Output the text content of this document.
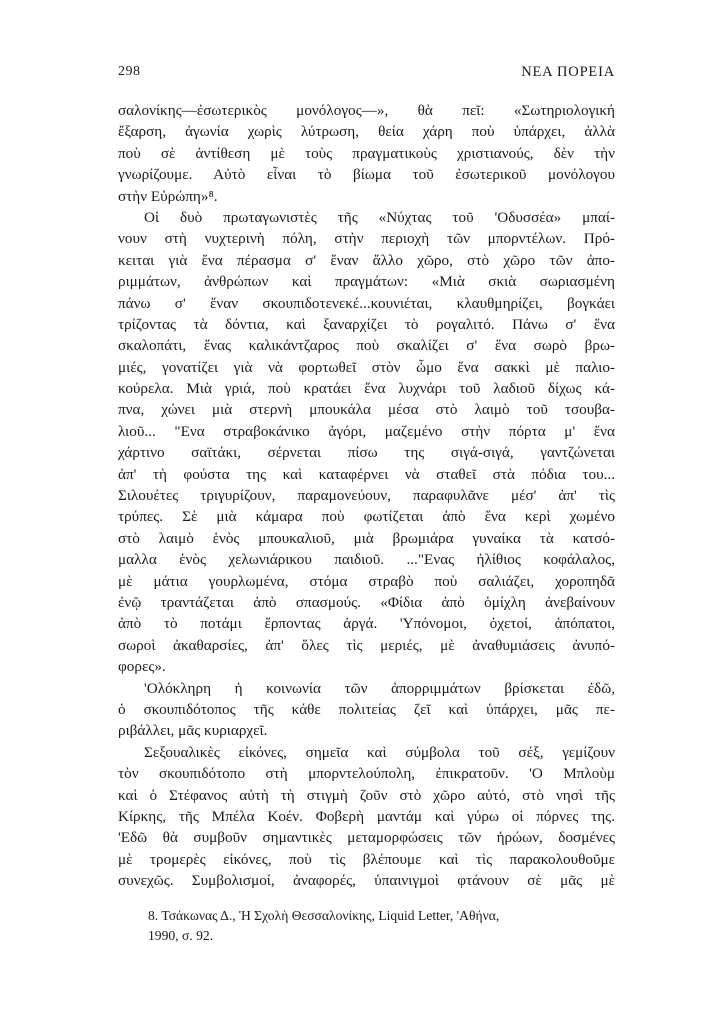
298	ΝΕΑ ΠΟΡΕΙΑ
σαλονίκης—ἐσωτερικὸς μονόλογος—», θὰ πεῖ: «Σωτηριολογική
ἔξαρση, ἀγωνία χωρὶς λύτρωση, θεία χάρη ποὺ ὑπάρχει, ἀλλὰ
ποὺ σὲ ἀντίθεση μὲ τοὺς πραγματικοὺς χριστιανούς, δὲν τὴν
γνωρίζουμε. Αὐτὸ εἶναι τὸ βίωμα τοῦ ἐσωτερικοῦ μονόλογου
στὴν Εὐρώπη»⁸.
Οἱ δυὸ πρωταγωνιστὲς τῆς «Νύχτας τοῦ 'Οδυσσέα» μπαί-
νουν στὴ νυχτερινὴ πόλη, στὴν περιοχὴ τῶν μπορντέλων. Πρό-
κειται γιὰ ἕνα πέρασμα σ' ἕναν ἄλλο χῶρο, στὸ χῶρο τῶν ἀπο-
ριμμάτων, ἀνθρώπων καὶ πραγμάτων: «Μιὰ σκιὰ σωριασμένη
πάνω σ' ἕναν σκουπιδοτενεκέ...κουνιέται, κλαυθμηρίζει, βογκάει
τρίζοντας τὰ δόντια, καὶ ξαναρχίζει τὸ ρογαλιτό. Πάνω σ' ἕνα
σκαλοπάτι, ἕνας καλικάντζαρος ποὺ σκαλίζει σ' ἕνα σωρὸ βρω-
μιές, γονατίζει γιὰ νὰ φορτωθεῖ στὸν ὦμο ἕνα σακκὶ μὲ παλιο-
κούρελα. Μιὰ γριά, ποὺ κρατάει ἕνα λυχνάρι τοῦ λαδιοῦ δίχως κά-
πνα, χώνει μιὰ στερνὴ μπουκάλα μέσα στὸ λαιμὸ τοῦ τσουβα-
λιοῦ... "Ενα στραβοκάνικο ἀγόρι, μαζεμένο στὴν πόρτα μ' ἕνα
χάρτινο σαϊτάκι, σέρνεται πίσω της σιγά-σιγά, γαντζώνεται
ἀπ' τὴ φούστα της καὶ καταφέρνει νὰ σταθεῖ στὰ πόδια του...
Σιλουέτες τριγυρίζουν, παραμονεύουν, παραφυλᾶνε μέσ' ἀπ' τὶς
τρύπες. Σὲ μιὰ κάμαρα ποὺ φωτίζεται ἀπὸ ἕνα κερὶ χωμένο
στὸ λαιμὸ ἑνὸς μπουκαλιοῦ, μιὰ βρωμιάρα γυναίκα τὰ κατσό-
μαλλα ἑνὸς χελωνιάρικου παιδιοῦ. ..."Ενας ἠλίθιος κοφάλαλος,
μὲ μάτια γουρλωμένα, στόμα στραβὸ ποὺ σαλιάζει, χοροπηδᾶ
ἐνῷ τραντάζεται ἀπὸ σπασμούς. «Φίδια ἀπὸ ὁμίχλη ἀνεβαίνουν
ἀπὸ τὸ ποτάμι ἕρποντας ἀργά. 'Υπόνομοι, ὀχετοί, ἀπόπατοι,
σωροὶ ἀκαθαρσίες, ἀπ' ὅλες τὶς μεριές, μὲ ἀναθυμιάσεις ἀνυπό-
φορες».
'Ολόκληρη ἡ κοινωνία τῶν ἀπορριμμάτων βρίσκεται ἐδῶ,
ὁ σκουπιδότοπος τῆς κάθε πολιτείας ζεῖ καὶ ὑπάρχει, μᾶς πε-
ριβάλλει, μᾶς κυριαρχεῖ.
Σεξουαλικὲς εἰκόνες, σημεῖα καὶ σύμβολα τοῦ σέξ, γεμίζουν
τὸν σκουπιδότοπο στὴ μπορντελούπολη, ἐπικρατοῦν. 'Ο Μπλοὺμ
καὶ ὁ Στέφανος αὐτὴ τὴ στιγμὴ ζοῦν στὸ χῶρο αὐτό, στὸ νησὶ τῆς
Κίρκης, τῆς Μπέλα Κοέν. Φοβερὴ μαντάμ καὶ γύρω οἱ πόρνες της.
'Εδῶ θὰ συμβοῦν σημαντικὲς μεταμορφώσεις τῶν ἡρώων, δοσμένες
μὲ τρομερὲς εἰκόνες, ποὺ τὶς βλέπουμε καὶ τὶς παρακολουθοῦμε
συνεχῶς. Συμβολισμοί, ἀναφορές, ὑπαινιγμοὶ φτάνουν σὲ μᾶς μὲ
8. Τσάκωνας Δ., Ἡ Σχολὴ Θεσσαλονίκης, Liquid Letter, 'Αθήνα,
1990, σ. 92.
